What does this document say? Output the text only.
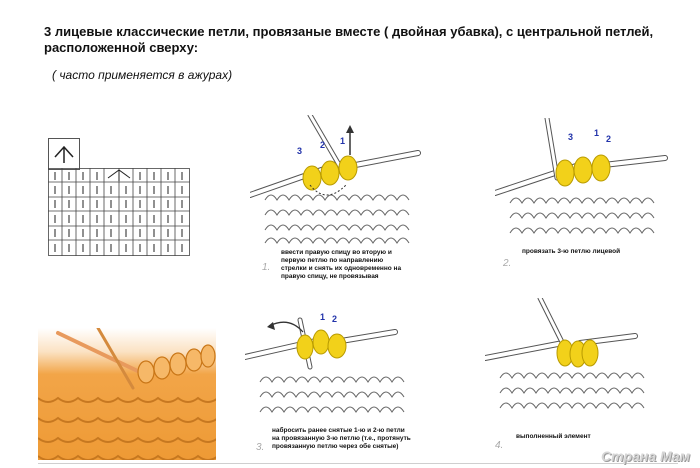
3 лицевые классические петли, провязаные вместе ( двойная убавка), с центральной петлей, расположенной сверху:
( часто применяется в ажурах)
3
2 1
1.
ввести правую спицу во вторую и первую петлю по направлению стрелки и снять их одновременно на правую спицу, не провязывая
3 1
2
2.
провязать 3-ю петлю лицевой
1 2
3.
набросить ранее снятые 1-ю и 2-ю петли на провязанную 3-ю петлю (т.е., протянуть провязанную петлю через обе снятые)	4.
выполненный элемент
Страна Мам
